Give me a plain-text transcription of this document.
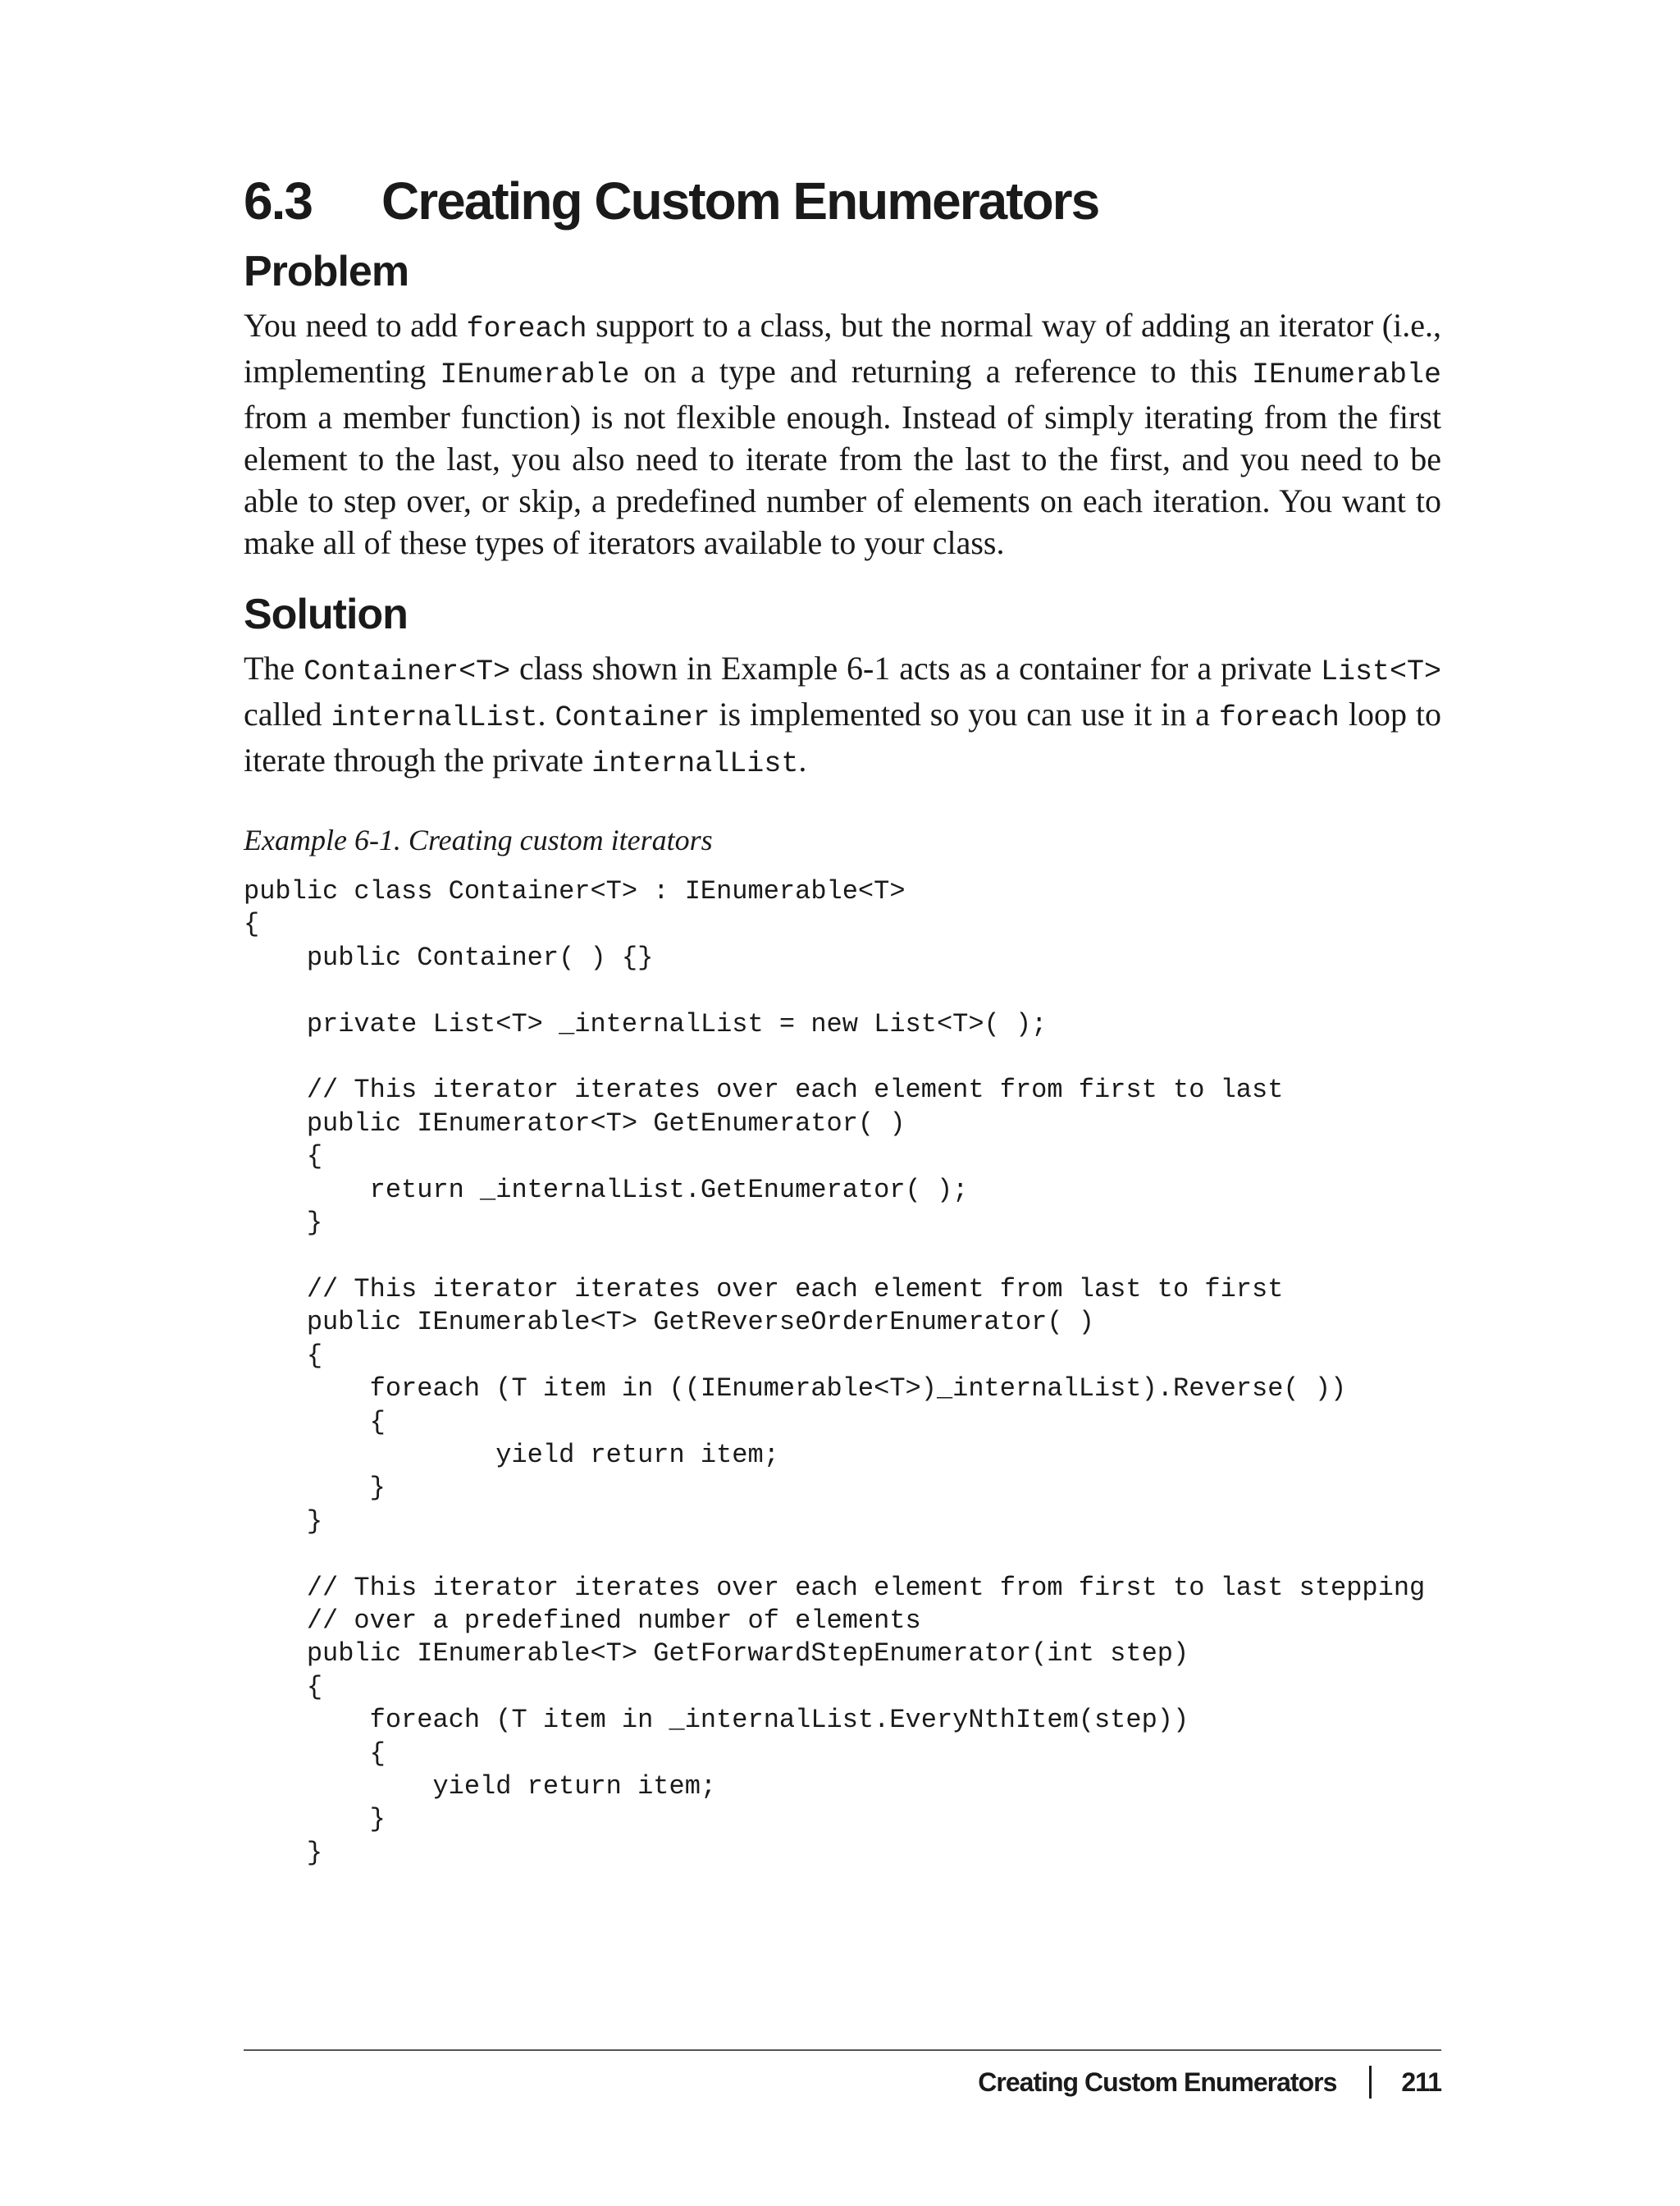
6.3	Creating Custom Enumerators
Problem

You need to add foreach support to a class, but the normal way of adding an iterator (i.e., implementing IEnumerable on a type and returning a reference to this IEnumerable from a member function) is not flexible enough. Instead of simply iterating from the first element to the last, you also need to iterate from the last to the first, and you need to be able to step over, or skip, a predefined number of elements on each iteration. You want to make all of these types of iterators available to your class.

Solution

The Container<T> class shown in Example 6-1 acts as a container for a private List<T> called internalList. Container is implemented so you can use it in a foreach loop to iterate through the private internalList.

Example 6-1. Creating custom iterators
public class Container<T> : IEnumerable<T>
{
public Container( ) {}

private List<T> _internalList = new List<T>( );

// This iterator iterates over each element from first to last
public IEnumerator<T> GetEnumerator( )
{
return _internalList.GetEnumerator( );
}

// This iterator iterates over each element from last to first
public IEnumerable<T> GetReverseOrderEnumerator( )
{
foreach (T item in ((IEnumerable<T>)_internalList).Reverse( ))
{
yield return item;
}
}

// This iterator iterates over each element from first to last stepping
// over a predefined number of elements
public IEnumerable<T> GetForwardStepEnumerator(int step)
{
foreach (T item in _internalList.EveryNthItem(step))
{
yield return item;
}
}
Creating Custom Enumerators 211
